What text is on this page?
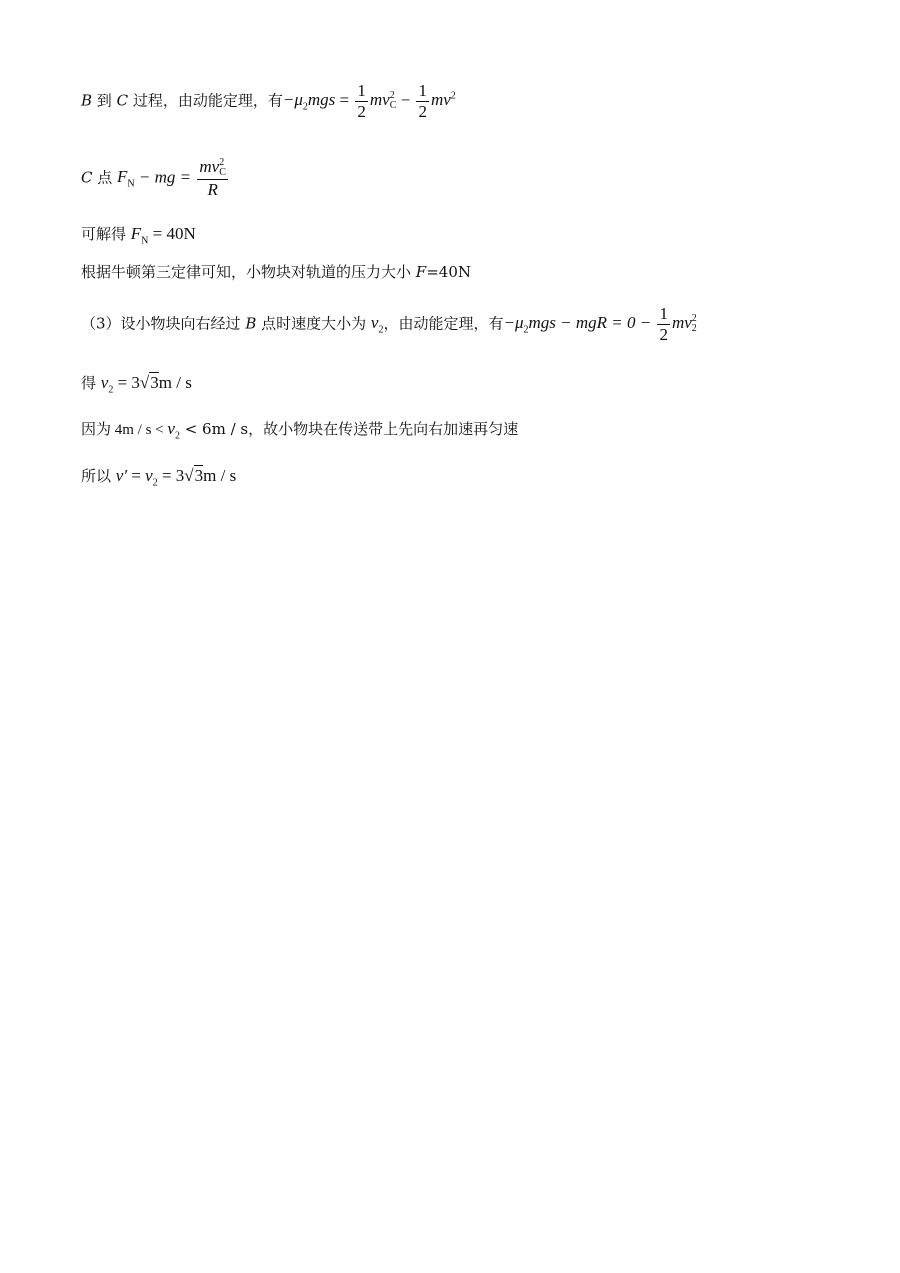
B 到 C 过程，由动能定理，有$-\mu_2mgs = \frac{1}{2}$ mv 2
$C - \frac{1}{2} mv^2$
C 点 $F_N$ − mg = mv 2
C
R
可解得 $F_N = 40N$
根据牛顿第三定律可知，小物块对轨道的压力大小 F=40N
（3）设小物块向右经过 B 点时速度大小为 $v_2$，由动能定理，有$-\mu_2mgs$ − mgR = $0 - \frac{1}{2}$ mv 2
2
得 $v_2 = 3√3m / s$
因为 $4m / s < v_2 < 6m / s$，故小物块在传送带上先向右加速再匀速
所以 $v' = v_2 = 3√3m / s$
